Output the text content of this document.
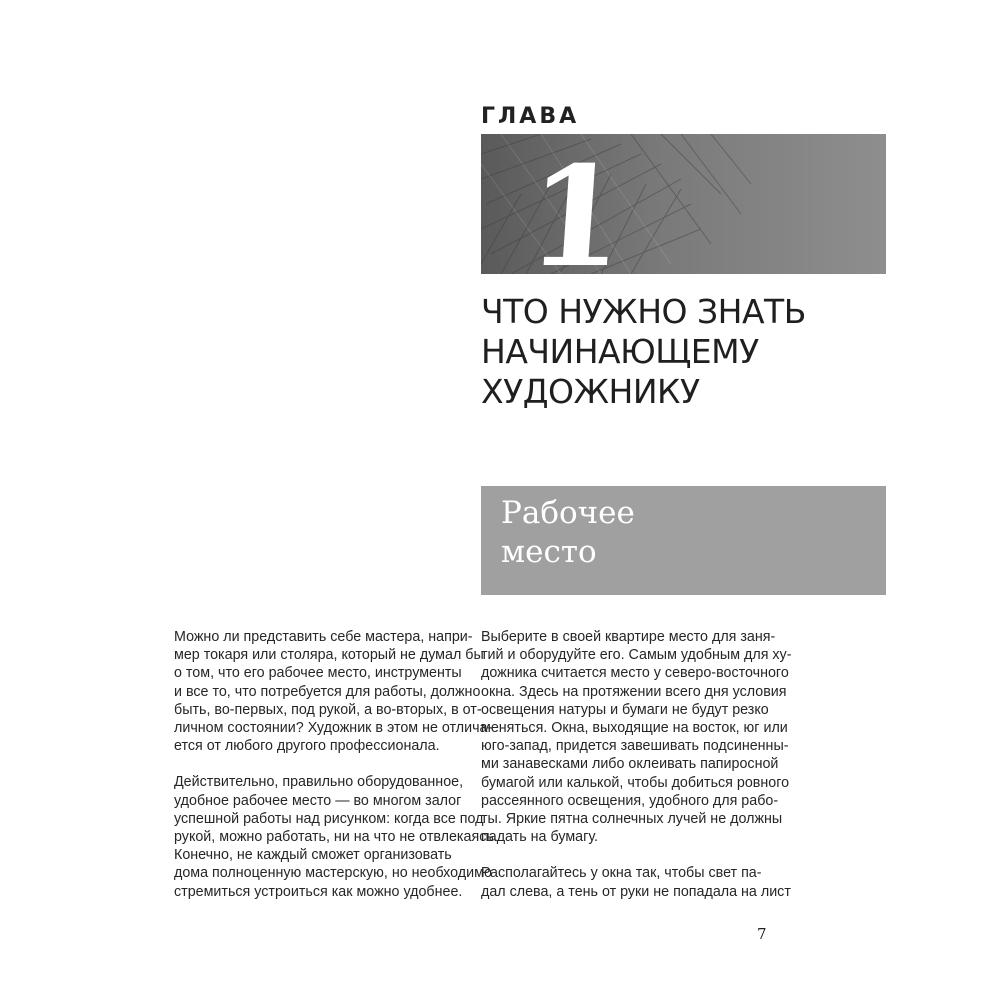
ГЛАВА
1
ЧТО НУЖНО ЗНАТЬ
НАЧИНАЮЩЕМУ
ХУДОЖНИКУ
Рабочее
место

Можно ли представить себе мастера, напри-
мер токаря или столяра, который не думал бы
о том, что его рабочее место, инструменты
и все то, что потребуется для работы, должно
быть, во-первых, под рукой, а во-вторых, в от-
личном состоянии? Художник в этом не отлича-
ется от любого другого профессионала.

Действительно, правильно оборудованное,
удобное рабочее место — во многом залог
успешной работы над рисунком: когда все под
рукой, можно работать, ни на что не отвлекаясь.
Конечно, не каждый сможет организовать
дома полноценную мастерскую, но необходимо
стремиться устроиться как можно удобнее.

Выберите в своей квартире место для заня-
тий и оборудуйте его. Самым удобным для ху-
дожника считается место у северо-восточного
окна. Здесь на протяжении всего дня условия
освещения натуры и бумаги не будут резко
меняться. Окна, выходящие на восток, юг или
юго-запад, придется завешивать подсиненны-
ми занавесками либо оклеивать папиросной
бумагой или калькой, чтобы добиться ровного
рассеянного освещения, удобного для рабо-
ты. Яркие пятна солнечных лучей не должны
падать на бумагу.

Располагайтесь у окна так, чтобы свет па-
дал слева, а тень от руки не попадала на лист

7
